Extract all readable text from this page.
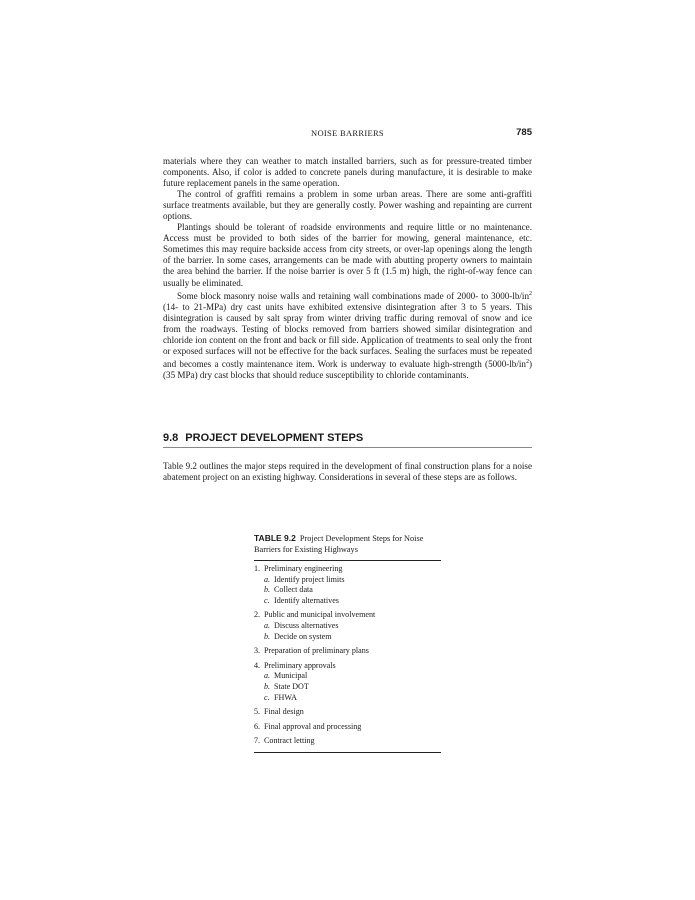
NOISE BARRIERS	785

materials where they can weather to match installed barriers, such as for pressure-treated timber components. Also, if color is added to concrete panels during manufacture, it is desirable to make future replacement panels in the same operation.

The control of graffiti remains a problem in some urban areas. There are some anti-graffiti surface treatments available, but they are generally costly. Power washing and repainting are current options.

Plantings should be tolerant of roadside environments and require little or no maintenance. Access must be provided to both sides of the barrier for mowing, general maintenance, etc. Sometimes this may require backside access from city streets, or over-lap openings along the length of the barrier. In some cases, arrangements can be made with abutting property owners to maintain the area behind the barrier. If the noise barrier is over 5 ft (1.5 m) high, the right-of-way fence can usually be eliminated.

Some block masonry noise walls and retaining wall combinations made of 2000- to $3000-lb/in^2$ (14- to 21-MPa) dry cast units have exhibited extensive disintegration after 3 to 5 years. This disintegration is caused by salt spray from winter driving traffic during removal of snow and ice from the roadways. Testing of blocks removed from barriers showed similar disintegration and chloride ion content on the front and back or fill side. Application of treatments to seal only the front or exposed surfaces will not be effective for the back surfaces. Sealing the surfaces must be repeated and becomes a costly maintenance item. Work is underway to evaluate high-strength $(5000-lb/in^2)$ (35 MPa) dry cast blocks that should reduce susceptibility to chloride contaminants.

9.8 PROJECT DEVELOPMENT STEPS

Table 9.2 outlines the major steps required in the development of final construction plans for a noise abatement project on an existing highway. Considerations in several of these steps are as follows.

TABLE 9.2 Project Development Steps for Noise Barriers for Existing Highways
1. Preliminary engineering
a. Identify project limits
b. Collect data
c. Identify alternatives
2. Public and municipal involvement
a. Discuss alternatives
b. Decide on system
3. Preparation of preliminary plans
4. Preliminary approvals
a. Municipal
b. State DOT
c. FHWA
5. Final design
6. Final approval and processing
7. Contract letting
